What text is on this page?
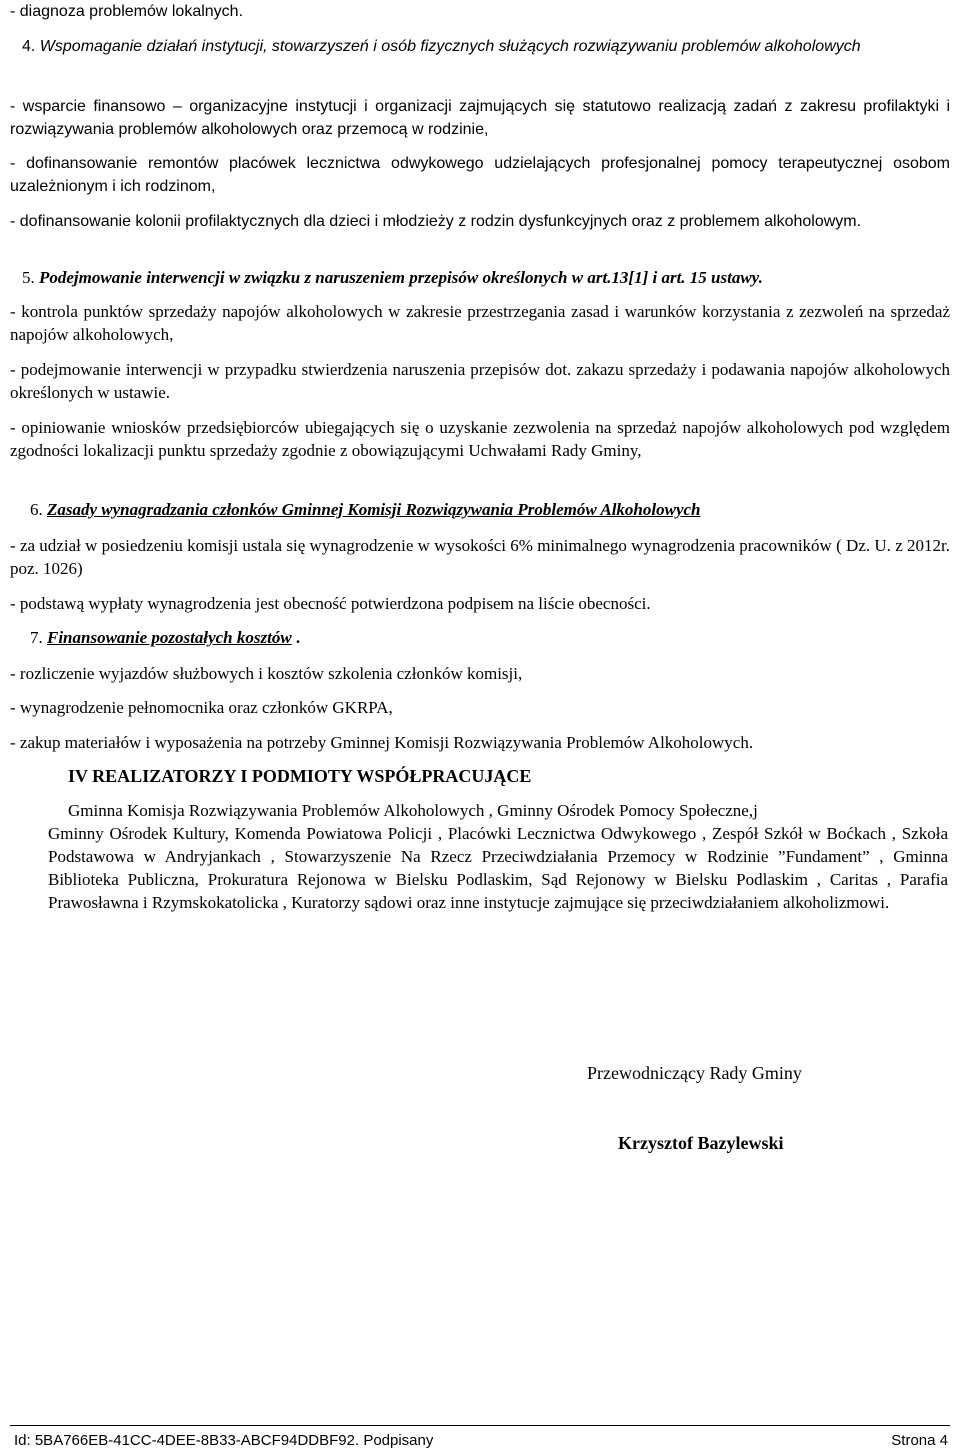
- diagnoza problemów lokalnych.

4. Wspomaganie działań instytucji, stowarzyszeń i osób fizycznych służących rozwiązywaniu problemów alkoholowych

- wsparcie finansowo – organizacyjne instytucji i organizacji zajmujących się statutowo realizacją zadań z zakresu profilaktyki i rozwiązywania problemów alkoholowych oraz przemocą w rodzinie,

- dofinansowanie remontów placówek lecznictwa odwykowego udzielających profesjonalnej pomocy terapeutycznej osobom uzależnionym i ich rodzinom,

- dofinansowanie kolonii profilaktycznych dla dzieci i młodzieży z rodzin dysfunkcyjnych oraz z problemem alkoholowym.

5. Podejmowanie interwencji w związku z naruszeniem przepisów określonych w art.13[1] i art. 15 ustawy.

- kontrola punktów sprzedaży napojów alkoholowych w zakresie przestrzegania zasad i warunków korzystania z zezwoleń na sprzedaż napojów alkoholowych,

- podejmowanie interwencji w przypadku stwierdzenia naruszenia przepisów dot. zakazu sprzedaży i podawania napojów alkoholowych określonych w ustawie.

- opiniowanie wniosków przedsiębiorców ubiegających się o uzyskanie zezwolenia na sprzedaż napojów alkoholowych pod względem zgodności lokalizacji punktu sprzedaży zgodnie z obowiązującymi Uchwałami Rady Gminy,

6. Zasady wynagradzania członków Gminnej Komisji Rozwiązywania Problemów Alkoholowych

- za udział w posiedzeniu komisji ustala się wynagrodzenie w wysokości 6% minimalnego wynagrodzenia pracowników ( Dz. U. z 2012r. poz. 1026)

- podstawą wypłaty wynagrodzenia jest obecność potwierdzona podpisem na liście obecności.

7. Finansowanie pozostałych kosztów .

- rozliczenie wyjazdów służbowych i kosztów szkolenia członków komisji,

- wynagrodzenie pełnomocnika oraz członków GKRPA,

- zakup materiałów i wyposażenia na potrzeby Gminnej Komisji Rozwiązywania Problemów Alkoholowych.

IV REALIZATORZY I PODMIOTY WSPÓŁPRACUJĄCE

Gminna Komisja Rozwiązywania Problemów Alkoholowych , Gminny Ośrodek Pomocy Społeczne,j

Gminny Ośrodek Kultury, Komenda Powiatowa Policji , Placówki Lecznictwa Odwykowego , Zespół Szkół w Boćkach , Szkoła Podstawowa w Andryjankach , Stowarzyszenie Na Rzecz Przeciwdziałania Przemocy w Rodzinie ”Fundament” , Gminna Biblioteka Publiczna, Prokuratura Rejonowa w Bielsku Podlaskim, Sąd Rejonowy w Bielsku Podlaskim , Caritas , Parafia Prawosławna i Rzymskokatolicka , Kuratorzy sądowi oraz inne instytucje zajmujące się przeciwdziałaniem alkoholizmowi.

Przewodniczący Rady Gminy

Krzysztof Bazylewski

Id: 5BA766EB-41CC-4DEE-8B33-ABCF94DDBF92. Podpisany	Strona 4
